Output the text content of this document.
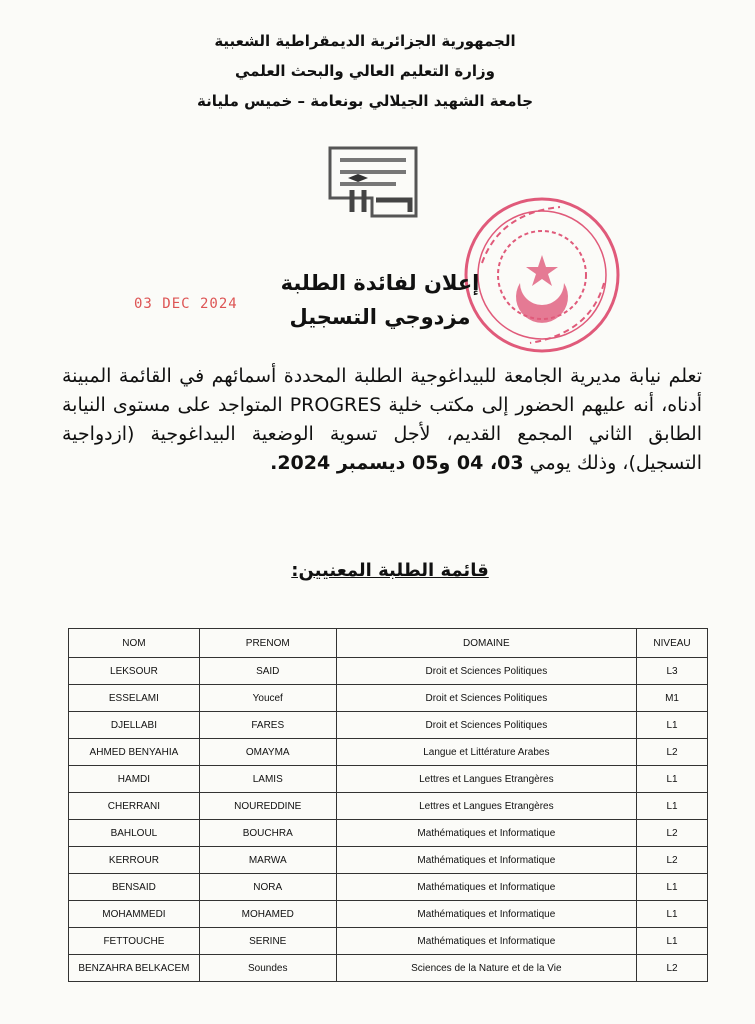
الجمهورية الجزائرية الديمقراطية الشعبية
وزارة التعليم العالي والبحث العلمي
جامعة الشهيد الجيلالي بونعامة – خميس مليانة
03 DEC 2024
إعلان لفائدة الطلبة
مزدوجي التسجيل
تعلم نيابة مديرية الجامعة للبيداغوجية الطلبة المحددة أسمائهم في القائمة المبينة أدناه، أنه عليهم الحضور إلى مكتب خلية PROGRES المتواجد على مستوى النيابة الطابق الثاني المجمع القديم، لأجل تسوية الوضعية البيداغوجية (ازدواجية التسجيل)، وذلك يومي 03، 04 و05 ديسمبر 2024.
قائمة الطلبة المعنيين:
NOM	PRENOM	DOMAINE	NIVEAU
LEKSOUR	SAID	Droit et Sciences Politiques	L3
ESSELAMI	Youcef	Droit et Sciences Politiques	M1
DJELLABI	FARES	Droit et Sciences Politiques	L1
AHMED BENYAHIA	OMAYMA	Langue et Littérature Arabes	L2
HAMDI	LAMIS	Lettres et Langues Etrangères	L1
CHERRANI	NOUREDDINE	Lettres et Langues Etrangères	L1
BAHLOUL	BOUCHRA	Mathématiques et Informatique	L2
KERROUR	MARWA	Mathématiques et Informatique	L2
BENSAID	NORA	Mathématiques et Informatique	L1
MOHAMMEDI	MOHAMED	Mathématiques et Informatique	L1
FETTOUCHE	SERINE	Mathématiques et Informatique	L1
BENZAHRA BELKACEM	Soundes	Sciences de la Nature et de la Vie	L2
